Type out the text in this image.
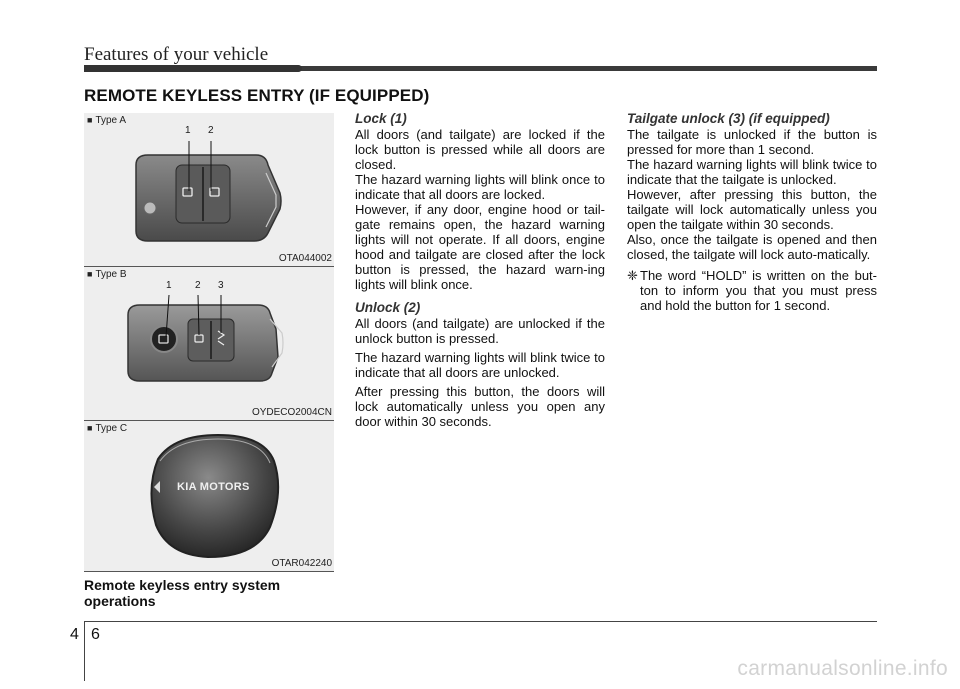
Features of your vehicle
REMOTE KEYLESS ENTRY (IF EQUIPPED)
■ Type A
1 2
OTA044002
■ Type B
1 2 3
OYDECO2004CN
■ Type C
KIA MOTORS
OTAR042240
Remote keyless entry system operations
Lock (1)

All doors (and tailgate) are locked if the lock button is pressed while all doors are closed.

The hazard warning lights will blink once to indicate that all doors are locked.

However, if any door, engine hood or tail-gate remains open, the hazard warning lights will not operate. If all doors, engine hood and tailgate are closed after the lock button is pressed, the hazard warn-ing lights will blink once.

Unlock (2)

All doors (and tailgate) are unlocked if the unlock button is pressed.

The hazard warning lights will blink twice to indicate that all doors are unlocked.

After pressing this button, the doors will lock automatically unless you open any door within 30 seconds.

Tailgate unlock (3) (if equipped)

The tailgate is unlocked if the button is pressed for more than 1 second.

The hazard warning lights will blink twice to indicate that the tailgate is unlocked.

However, after pressing this button, the tailgate will lock automatically unless you open the tailgate within 30 seconds.

Also, once the tailgate is opened and then closed, the tailgate will lock auto-matically.

❈ The word “HOLD” is written on the but-ton to inform you that you must press and hold the button for 1 second.

4 6
carmanualsonline.info
